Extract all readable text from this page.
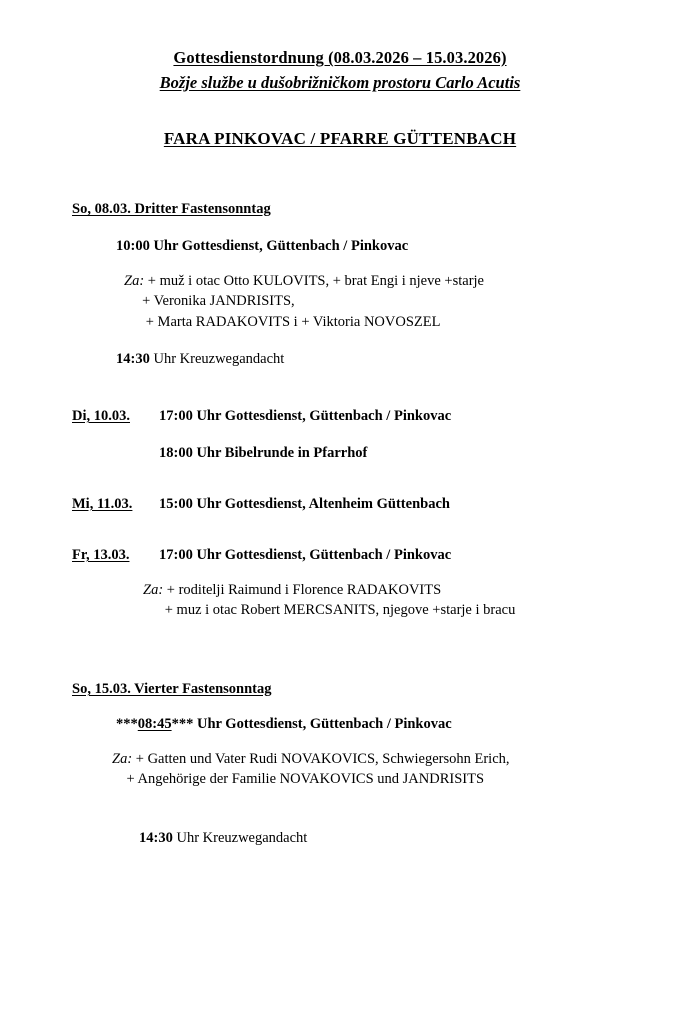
Gottesdienstordnung (08.03.2026 – 15.03.2026)
Božje službe u dušobrižničkom prostoru Carlo Acutis
FARA PINKOVAC / PFARRE GÜTTENBACH
So, 08.03. Dritter Fastensonntag
10:00 Uhr Gottesdienst, Güttenbach / Pinkovac
Za: + muž i otac Otto KULOVITS, + brat Engi i njeve +starje
+ Veronika JANDRISITS,
+ Marta RADAKOVITS i + Viktoria NOVOSZEL
14:30 Uhr Kreuzwegandacht
Di, 10.03.	17:00 Uhr Gottesdienst, Güttenbach / Pinkovac
18:00 Uhr Bibelrunde in Pfarrhof
Mi, 11.03.	15:00 Uhr Gottesdienst, Altenheim Güttenbach
Fr, 13.03.	17:00 Uhr Gottesdienst, Güttenbach / Pinkovac
Za: + roditelji Raimund i Florence RADAKOVITS
+ muz i otac Robert MERCSANITS, njegove +starje i bracu
So, 15.03. Vierter Fastensonntag
***08:45*** Uhr Gottesdienst, Güttenbach / Pinkovac
Za: + Gatten und Vater Rudi NOVAKOVICS, Schwiegersohn Erich,
+ Angehörige der Familie NOVAKOVICS und JANDRISITS
14:30 Uhr Kreuzwegandacht
